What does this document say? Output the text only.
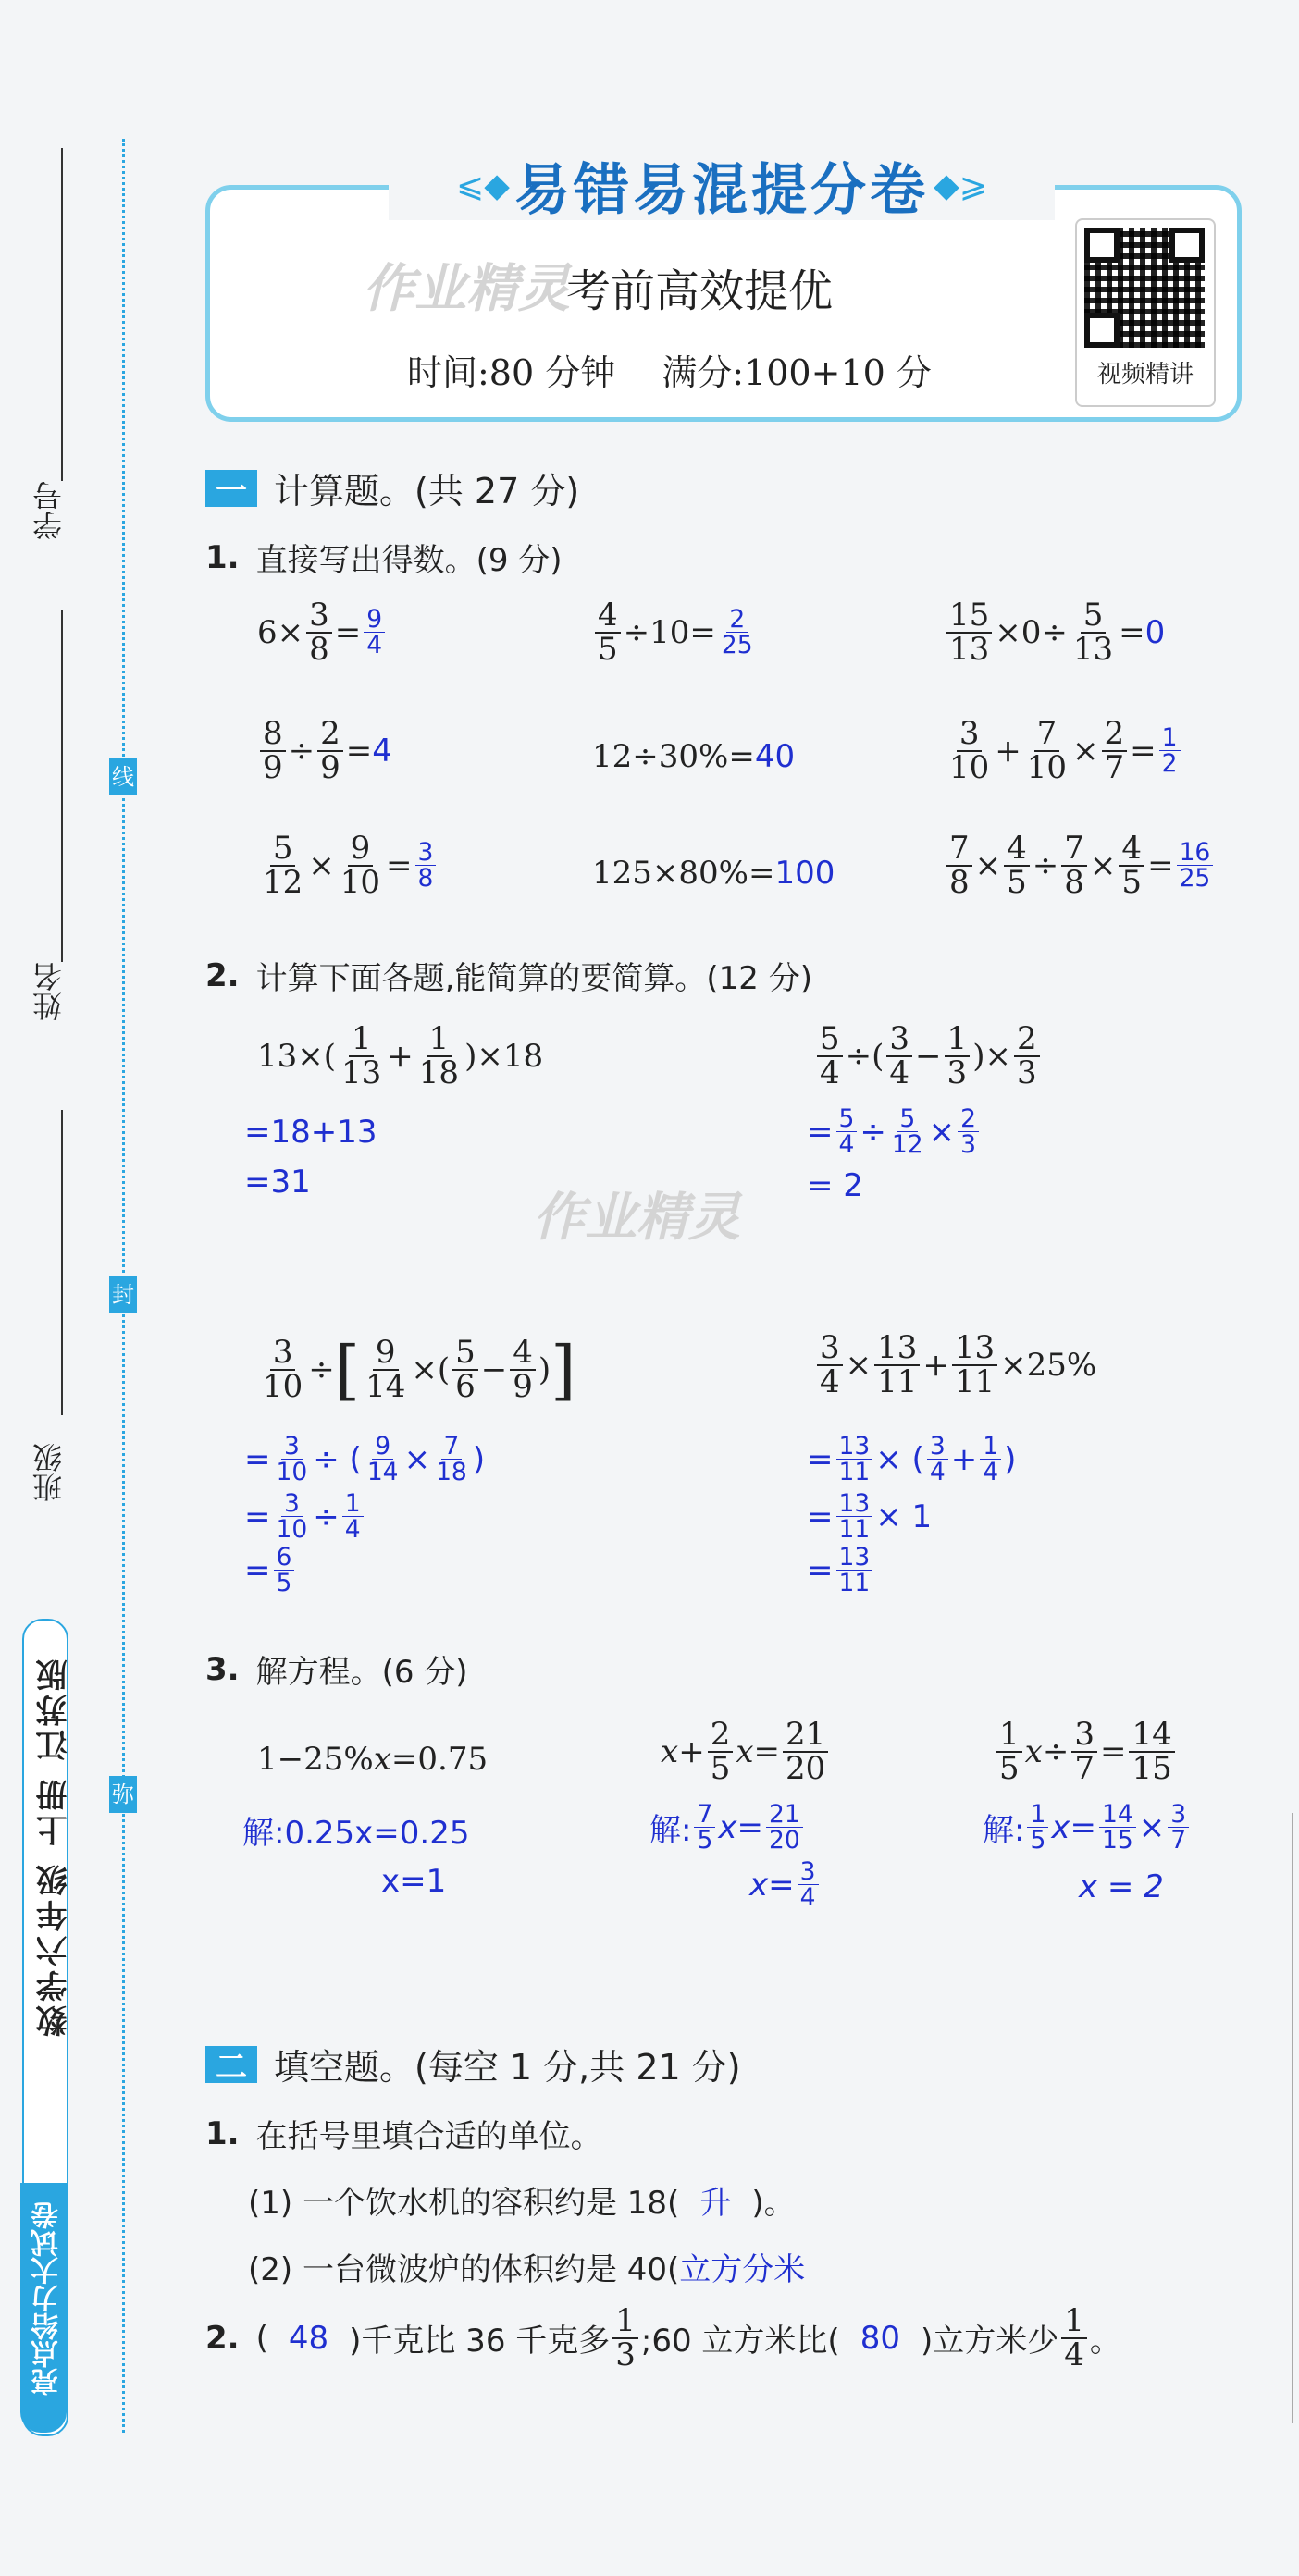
学号
姓名
班级
数学六年级 上册 江苏版
亮点给力大试卷
线
封
弥
⩽◆ 易错易混提分卷 ◆⩾
作业精灵
考前高效提优
时间:80 分钟 满分:100+10 分	视频精讲
一 计算题。(共 27 分)
1. 直接写出得数。(9 分)
$6\times \frac{3}{8} = \frac{9}{4}$	$\frac{4}{5} \div 10= \frac{2}{25}$	$\frac{15}{13} \times 0\div \frac{5}{13} = 0$
$\frac{8}{9} \div \frac{2}{9} = 4$	12÷30%= 40	$\frac{3}{10} + \frac{7}{10} \times \frac{2}{7} = \frac{1}{2}$
$\frac{5}{12} \times \frac{9}{10} = \frac{3}{8}$	125×80%= 100	$\frac{7}{8} \times \frac{4}{5} \div \frac{7}{8} \times \frac{4}{5} = \frac{16}{25}$
2. 计算下面各题,能简算的要简算。(12 分)
$13\times( \frac{1}{13} + \frac{1}{18} )\times 18$
=18+13
=31
$\frac{5}{4}$ ÷( $\frac{3}{4} - \frac{1}{3}$ )× $\frac{2}{3}$
= $\frac{5}{4} \div \frac{5}{12} \times \frac{2}{3}$
= 2
作业精灵
$\frac{3}{10}$ ÷ [ $\frac{9}{14}$ ×( $\frac{5}{6} - \frac{4}{9}$ ) ]
= $\frac{3}{10}$ ÷ ( $\frac{9}{14} \times \frac{7}{18}$ )
= $\frac{3}{10} \div \frac{1}{4}$
= $\frac{6}{5}$
$\frac{3}{4} \times \frac{13}{11} + \frac{13}{11} \times 25\%$
= $\frac{13}{11}$ × ( $\frac{3}{4} + \frac{1}{4}$ )
= $\frac{13}{11} \times 1$
= $\frac{13}{11}$
3. 解方程。(6 分)
1−25%x=0.75
解:0.25x=0.25
x=1
$x + \frac{2}{5}$ $x = \frac{21}{20}$
解: $\frac{7}{5}$ $x = \frac{21}{20}$
$x = \frac{3}{4}$
$\frac{1}{5}$ $x \div \frac{3}{7} = \frac{14}{15}$
解: $\frac{1}{5}$ $x = \frac{14}{15} \times \frac{3}{7}$
x = 2
二 填空题。(每空 1 分,共 21 分)
1. 在括号里填合适的单位。
(1) 一个饮水机的容积约是 18( 升 )。
(2) 一台微波炉的体积约是 40( 立方分米
2. ( 48 )千克比 36 千克多 $\frac{1}{3}$ ;60 立方米比( 80 )立方米少 $\frac{1}{4}$ 。
